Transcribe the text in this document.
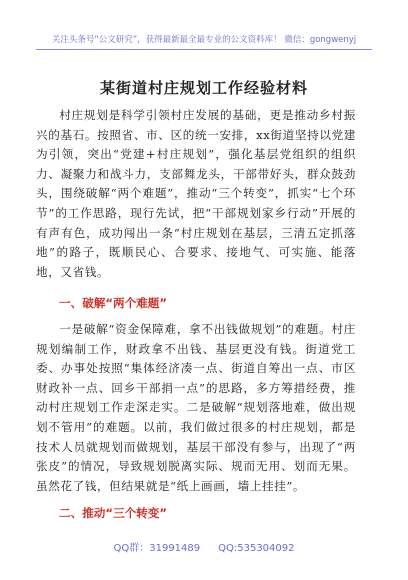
关注头条号“公文研究”，获得最新最全最专业的公文资料库！ 微信：gongwenyj
某街道村庄规划工作经验材料
村庄规划是科学引领村庄发展的基础，更是推动乡村振兴的基石。按照省、市、区的统一安排，xx街道坚持以党建为引领，突出“党建+村庄规划”，强化基层党组织的组织力、凝聚力和战斗力，支部舞龙头，干部带好头，群众鼓劲头，围绕破解“两个难题”，推动“三个转变”，抓实“七个环节”的工作思路，现行先试，把“干部规划家乡行动”开展的有声有色，成功闯出一条“村庄规划在基层，三清五定抓落地”的路子，既顺民心、合要求、接地气、可实施、能落地，又省钱。
一、破解“两个难题”
一是破解“资金保障难，拿不出钱做规划”的难题。村庄规划编制工作，财政拿不出钱、基层更没有钱。街道党工委、办事处按照“集体经济凑一点、街道自筹出一点、市区财政补一点、回乡干部捐一点”的思路，多方筹措经费，推动村庄规划工作走深走实。二是破解“规划落地难，做出规划不管用”的难题。以前，我们做过很多的村庄规划，都是技术人员就规划而做规划，基层干部没有参与，出现了“两张皮”的情况，导致规划脱离实际、规而无用、划而无果。虽然花了钱，但结果就是“纸上画画，墙上挂挂”。
二、推动“三个转变”
QQ群：31991489 QQ:535304092
